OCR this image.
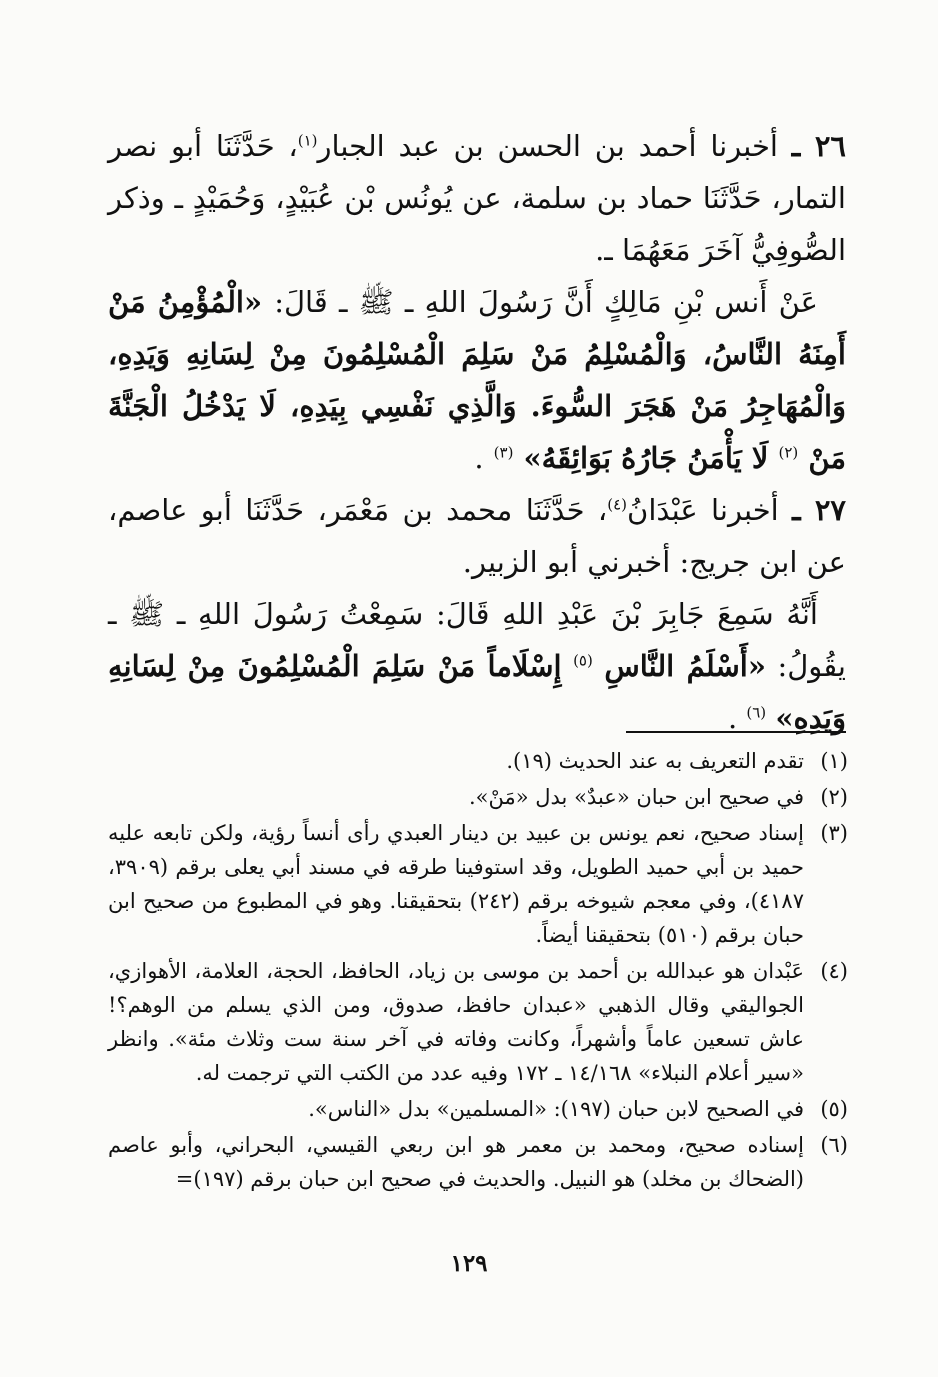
٢٦ ـ أخبرنا أحمد بن الحسن بن عبد الجبار$^{(١)}$، حَدَّثَنَا أبو نصر التمار، حَدَّثَنَا حماد بن سلمة، عن يُونُس بْن عُبَيْدٍ، وَحُمَيْدٍ ـ وذكر الصُّوفِيُّ آخَرَ مَعَهُمَا ـ.

عَنْ أَنس بْنِ مَالِكٍ أَنَّ رَسُولَ اللهِ ـ ﷺ ـ قَالَ: «الْمُؤْمِنُ مَنْ أَمِنَهُ النَّاسُ، وَالْمُسْلِمُ مَنْ سَلِمَ الْمُسْلِمُونَ مِنْ لِسَانِهِ وَيَدِهِ، وَالْمُهَاجِرُ مَنْ هَجَرَ السُّوءَ. وَالَّذِي نَفْسِي بِيَدِهِ، لَا يَدْخُلُ الْجَنَّةَ مَنْ $^{(٢)}$ لَا يَأْمَنُ جَارُهُ بَوَائِقَهُ» $^{(٣)}$ .

٢٧ ـ أخبرنا عَبْدَانُ$^{(٤)}$، حَدَّثَنَا محمد بن مَعْمَر، حَدَّثَنَا أبو عاصم، عن ابن جريج: أخبرني أبو الزبير.

أَنَّهُ سَمِعَ جَابِرَ بْنَ عَبْدِ اللهِ قَالَ: سَمِعْتُ رَسُولَ اللهِ ـ ﷺ ـ يقُولُ: «أَسْلَمُ النَّاسِ $^{(٥)}$ إِسْلَاماً مَنْ سَلِمَ الْمُسْلِمُونَ مِنْ لِسَانِهِ وَيَدِهِ» $^{(٦)}$ .

(١)
تقدم التعريف به عند الحديث (١٩).
(٢)
في صحيح ابن حبان «عبدٌ» بدل «مَنْ».
(٣)
إسناد صحيح، نعم يونس بن عبيد بن دينار العبدي رأى أنساً رؤية، ولكن تابعه عليه حميد بن أبي حميد الطويل، وقد استوفينا طرقه في مسند أبي يعلى برقم (٣٩٠٩، ٤١٨٧)، وفي معجم شيوخه برقم (٢٤٢) بتحقيقنا. وهو في المطبوع من صحيح ابن حبان برقم (٥١٠) بتحقيقنا أيضاً.
(٤)
عَبْدان هو عبدالله بن أحمد بن موسى بن زياد، الحافظ، الحجة، العلامة، الأهوازي، الجواليقي وقال الذهبي «عبدان حافظ، صدوق، ومن الذي يسلم من الوهم؟! عاش تسعين عاماً وأشهراً، وكانت وفاته في آخر سنة ست وثلاث مئة». وانظر «سير أعلام النبلاء» ١٤/١٦٨ ـ ١٧٢ وفيه عدد من الكتب التي ترجمت له.
(٥)
في الصحيح لابن حبان (١٩٧): «المسلمين» بدل «الناس».
(٦)
إسناده صحيح، ومحمد بن معمر هو ابن ربعي القيسي، البحراني، وأبو عاصم (الضحاك بن مخلد) هو النبيل. والحديث في صحيح ابن حبان برقم (١٩٧)=
١٢٩
